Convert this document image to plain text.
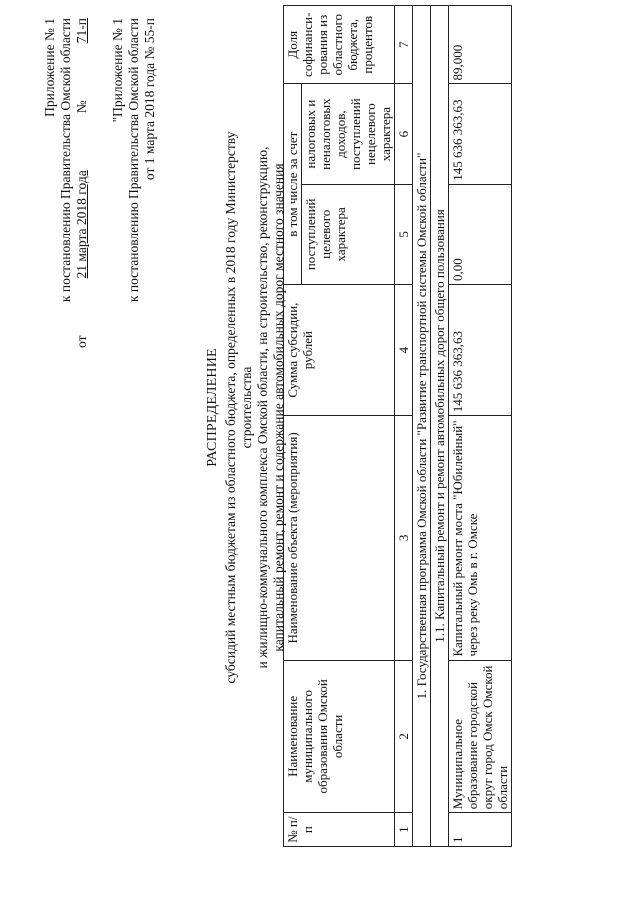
Приложение № 1 к постановлению Правительства Омской области
от
21 марта 2018 года
№
71-п "Приложение № 1 к постановлению Правительства Омской области от 1 марта 2018 года № 55-п
РАСПРЕДЕЛЕНИЕ субсидий местным бюджетам из областного бюджета, определенных в 2018 году Министерству строительства и жилищно-коммунального комплекса Омской области, на строительство, реконструкцию, капитальный ремонт, ремонт и содержание автомобильных дорог местного значения
№ п/п	Наименование муниципального образования Омской области	Наименование объекта (мероприятия)	Сумма субсидии, рублей	в том числе за счет		Доля софинанси-рования из областного бюджета, процентов
				поступлений целевого характера	налоговых и неналоговых доходов, поступлений нецелевого характера	
1	2	3	4	5	6	7
1. Государственная программа Омской области "Развитие транспортной системы Омской области"						
1.1. Капитальный ремонт и ремонт автомобильных дорог общего пользования						
1	Муниципальное образование городской округ город Омск Омской области	Капитальный ремонт моста "Юбилейный" через реку Омь в г. Омске	145 636 363,63	0,00	145 636 363,63	89,000
